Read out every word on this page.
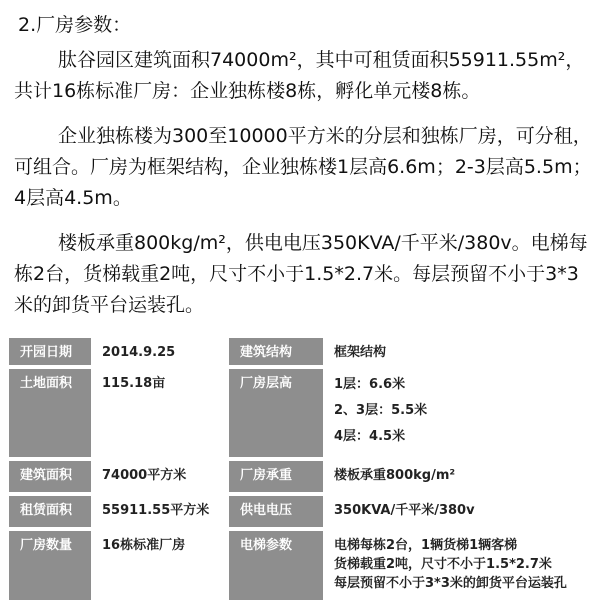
2.厂房参数：

肽谷园区建筑面积74000m²，其中可租赁面积55911.55m²，共计16栋标准厂房：企业独栋楼8栋，孵化单元楼8栋。

企业独栋楼为300至10000平方米的分层和独栋厂房，可分租，可组合。厂房为框架结构，企业独栋楼1层高6.6m；2-3层高5.5m；4层高4.5m。

楼板承重800kg/m²，供电电压350KVA/千平米/380v。电梯每栋2台，货梯载重2吨，尺寸不小于1.5*2.7米。每层预留不小于3*3米的卸货平台运装孔。

开园日期	2014.9.25	建筑结构	框架结构

土地面积	115.18亩	厂房层高	1层：6.6米
2、3层：5.5米
4层：4.5米

建筑面积	74000平方米	厂房承重	楼板承重800kg/m²

租赁面积	55911.55平方米	供电电压	350KVA/千平米/380v

厂房数量	16栋标准厂房	电梯参数	电梯每栋2台，1辆货梯1辆客梯
货梯载重2吨，尺寸不小于1.5*2.7米
每层预留不小于3*3米的卸货平台运装孔
